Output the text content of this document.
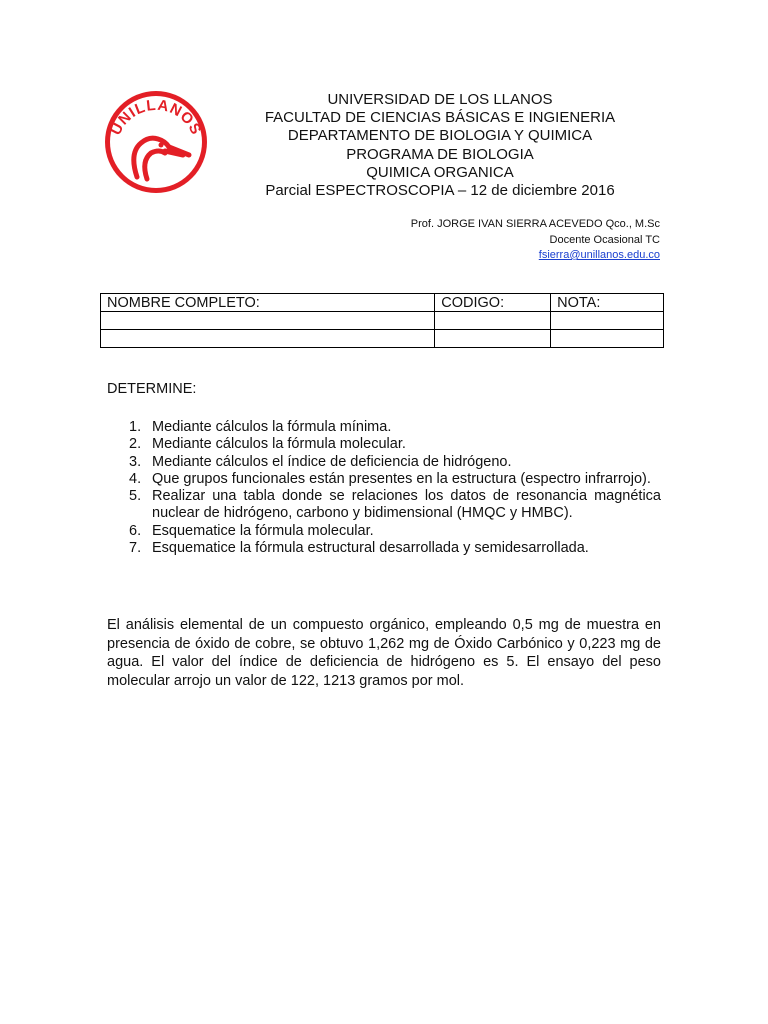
UNILLANOS
UNIVERSIDAD DE LOS LLANOS
FACULTAD DE CIENCIAS BÁSICAS E INGIENERIA
DEPARTAMENTO DE BIOLOGIA Y QUIMICA
PROGRAMA DE BIOLOGIA
QUIMICA ORGANICA
Parcial ESPECTROSCOPIA – 12 de diciembre 2016
Prof. JORGE IVAN SIERRA ACEVEDO Qco., M.Sc
Docente Ocasional TC
fsierra@unillanos.edu.co
NOMBRE COMPLETO:	CODIGO:	NOTA:

DETERMINE:
1. Mediante cálculos la fórmula mínima.
2. Mediante cálculos la fórmula molecular.
3. Mediante cálculos el índice de deficiencia de hidrógeno.
4. Que grupos funcionales están presentes en la estructura (espectro infrarrojo).
5. Realizar una tabla donde se relaciones los datos de resonancia magnética nuclear de hidrógeno, carbono y bidimensional (HMQC y HMBC).
6. Esquematice la fórmula molecular.
7. Esquematice la fórmula estructural desarrollada y semidesarrollada.
El análisis elemental de un compuesto orgánico, empleando 0,5 mg de muestra en presencia de óxido de cobre, se obtuvo 1,262 mg de Óxido Carbónico y 0,223 mg de agua. El valor del índice de deficiencia de hidrógeno es 5. El ensayo del peso molecular arrojo un valor de 122, 1213 gramos por mol.
